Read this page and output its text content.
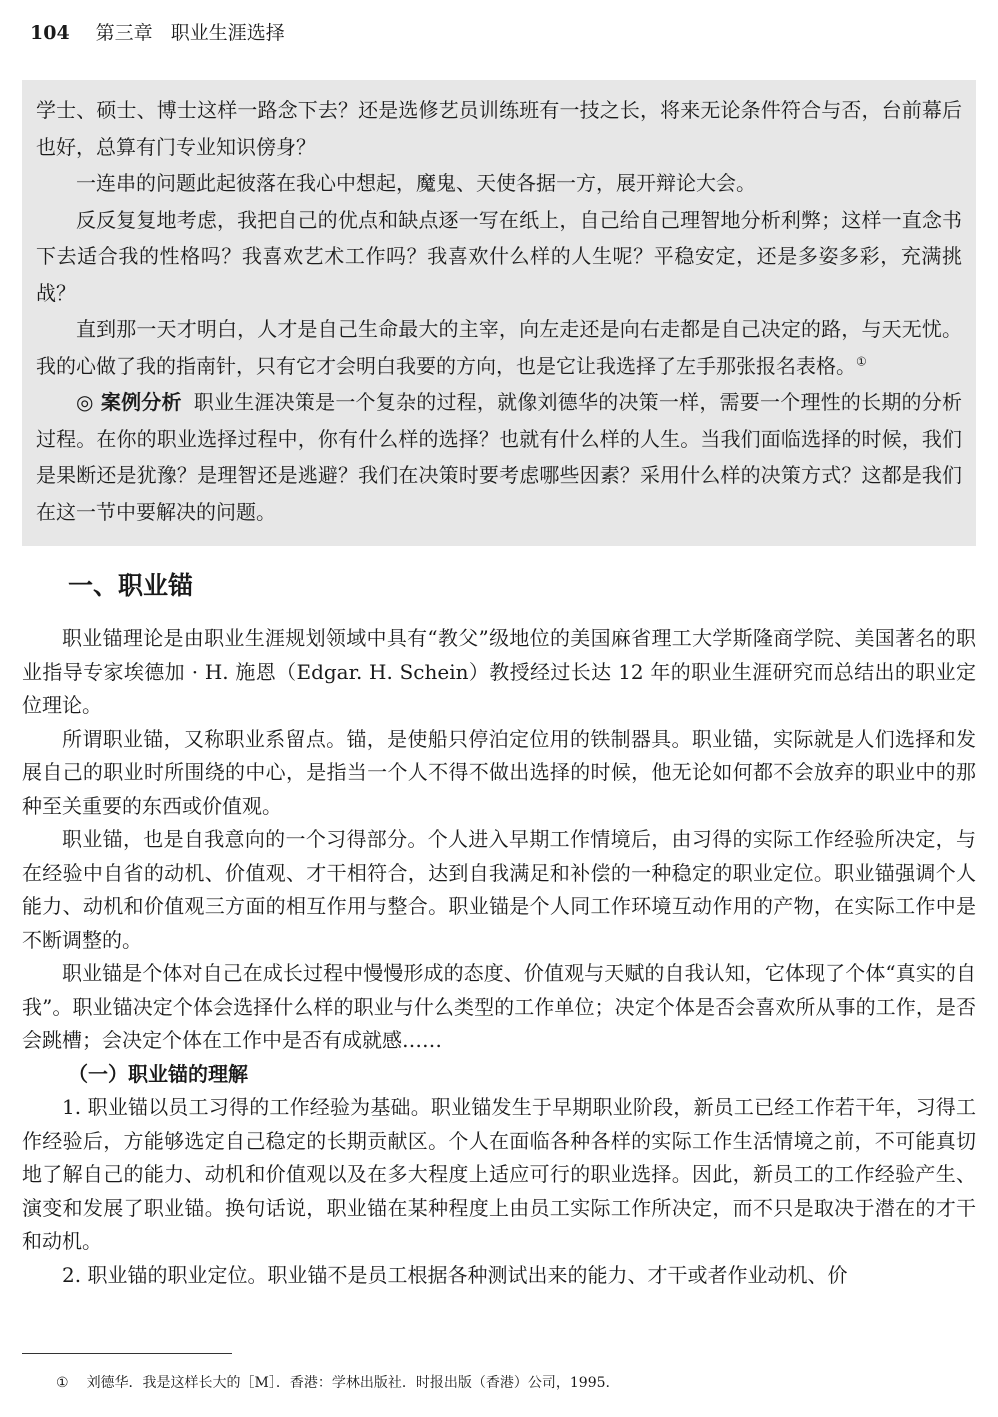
104 第三章 职业生涯选择

学士、硕士、博士这样一路念下去？还是选修艺员训练班有一技之长，将来无论条件符合与否，台前幕后也好，总算有门专业知识傍身？

一连串的问题此起彼落在我心中想起，魔鬼、天使各据一方，展开辩论大会。

反反复复地考虑，我把自己的优点和缺点逐一写在纸上，自己给自己理智地分析利弊；这样一直念书下去适合我的性格吗？我喜欢艺术工作吗？我喜欢什么样的人生呢？平稳安定，还是多姿多彩，充满挑战？

直到那一天才明白，人才是自己生命最大的主宰，向左走还是向右走都是自己决定的路，与天无忧。我的心做了我的指南针，只有它才会明白我要的方向，也是它让我选择了左手那张报名表格。①

◎ 案例分析 职业生涯决策是一个复杂的过程，就像刘德华的决策一样，需要一个理性的长期的分析过程。在你的职业选择过程中，你有什么样的选择？也就有什么样的人生。当我们面临选择的时候，我们是果断还是犹豫？是理智还是逃避？我们在决策时要考虑哪些因素？采用什么样的决策方式？这都是我们在这一节中要解决的问题。

一、职业锚

职业锚理论是由职业生涯规划领域中具有“教父”级地位的美国麻省理工大学斯隆商学院、美国著名的职业指导专家埃德加 · H. 施恩（Edgar. H. Schein）教授经过长达 12 年的职业生涯研究而总结出的职业定位理论。

所谓职业锚，又称职业系留点。锚，是使船只停泊定位用的铁制器具。职业锚，实际就是人们选择和发展自己的职业时所围绕的中心，是指当一个人不得不做出选择的时候，他无论如何都不会放弃的职业中的那种至关重要的东西或价值观。

职业锚，也是自我意向的一个习得部分。个人进入早期工作情境后，由习得的实际工作经验所决定，与在经验中自省的动机、价值观、才干相符合，达到自我满足和补偿的一种稳定的职业定位。职业锚强调个人能力、动机和价值观三方面的相互作用与整合。职业锚是个人同工作环境互动作用的产物，在实际工作中是不断调整的。

职业锚是个体对自己在成长过程中慢慢形成的态度、价值观与天赋的自我认知，它体现了个体“真实的自我”。职业锚决定个体会选择什么样的职业与什么类型的工作单位；决定个体是否会喜欢所从事的工作，是否会跳槽；会决定个体在工作中是否有成就感……

（一）职业锚的理解

1. 职业锚以员工习得的工作经验为基础。职业锚发生于早期职业阶段，新员工已经工作若干年，习得工作经验后，方能够选定自己稳定的长期贡献区。个人在面临各种各样的实际工作生活情境之前，不可能真切地了解自己的能力、动机和价值观以及在多大程度上适应可行的职业选择。因此，新员工的工作经验产生、演变和发展了职业锚。换句话说，职业锚在某种程度上由员工实际工作所决定，而不只是取决于潜在的才干和动机。

2. 职业锚的职业定位。职业锚不是员工根据各种测试出来的能力、才干或者作业动机、价

① 刘德华．我是这样长大的［M］．香港：学林出版社．时报出版（香港）公司，1995.
